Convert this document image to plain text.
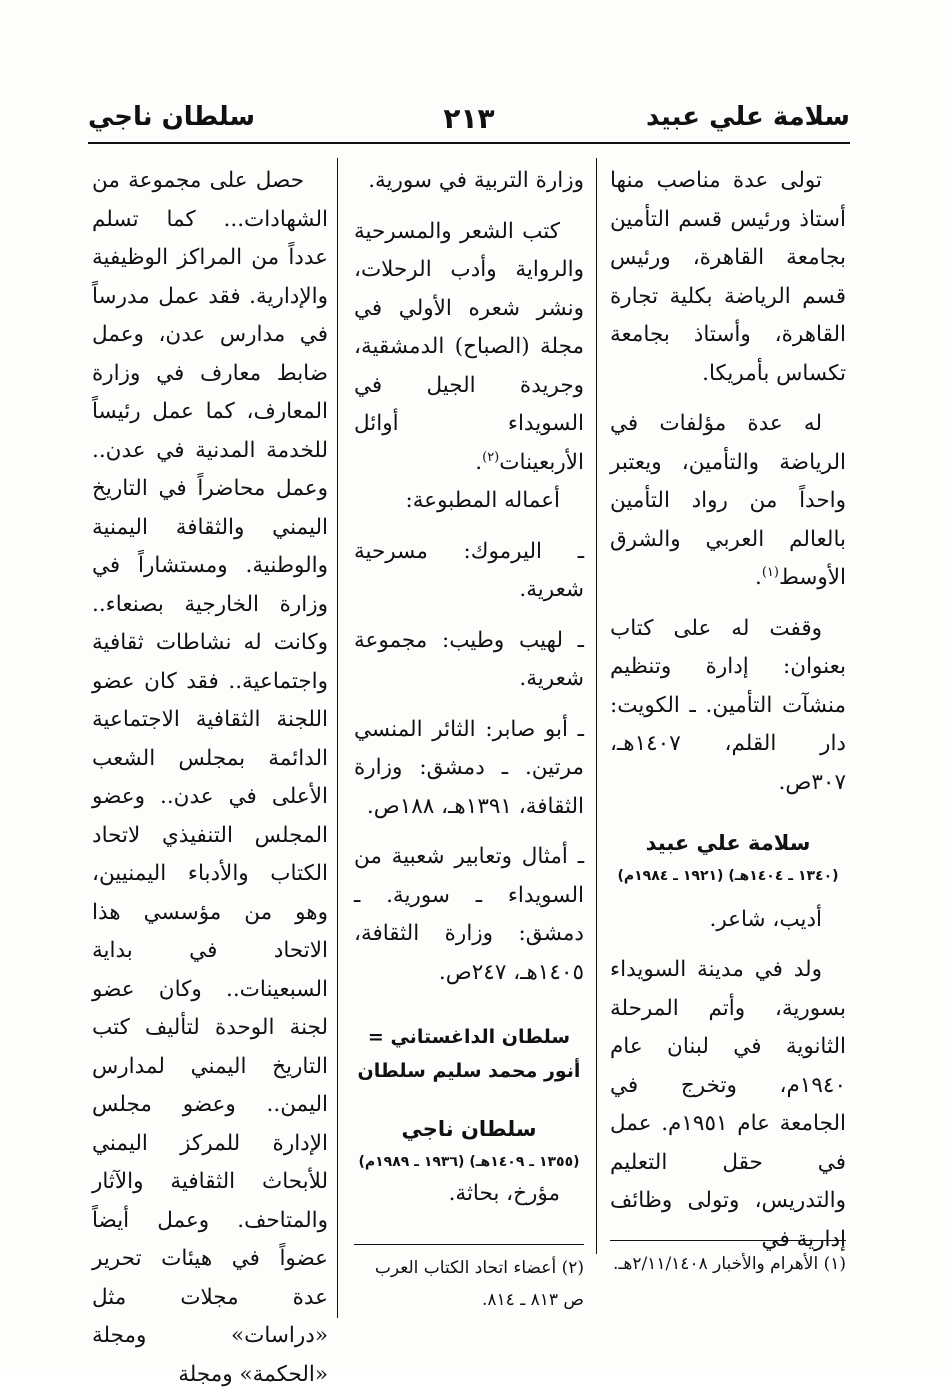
سلامة علي عبيد
٢١٣
سلطان ناجي

تولى عدة مناصب منها أستاذ ورئيس قسم التأمين بجامعة القاهرة، ورئيس قسم الرياضة بكلية تجارة القاهرة، وأستاذ بجامعة تكساس بأمريكا.

له عدة مؤلفات في الرياضة والتأمين، ويعتبر واحداً من رواد التأمين بالعالم العربي والشرق الأوسط$^{(١)}$.

وقفت له على كتاب بعنوان: إدارة وتنظيم منشآت التأمين. ـ الكويت: دار القلم، ١٤٠٧هـ، ٣٠٧ص.

سلامة علي عبيد
(١٣٤٠ ـ ١٤٠٤هـ) (١٩٢١ ـ ١٩٨٤م)

أديب، شاعر.

ولد في مدينة السويداء بسورية، وأتم المرحلة الثانوية في لبنان عام ١٩٤٠م، وتخرج في الجامعة عام ١٩٥١م. عمل في حقل التعليم والتدريس، وتولى وظائف إدارية في

وزارة التربية في سورية.

كتب الشعر والمسرحية والرواية وأدب الرحلات، ونشر شعره الأولي في مجلة (الصباح) الدمشقية، وجريدة الجيل في السويداء أوائل الأربعينات$^{(٢)}$.

أعماله المطبوعة:

ـ اليرموك: مسرحية شعرية.

ـ لهيب وطيب: مجموعة شعرية.

ـ أبو صابر: الثائر المنسي مرتين. ـ دمشق: وزارة الثقافة، ١٣٩١هـ، ١٨٨ص.

ـ أمثال وتعابير شعبية من السويداء ـ سورية. ـ دمشق: وزارة الثقافة، ١٤٠٥هـ، ٢٤٧ص.

سلطان الداغستاني = أنور محمد سليم سلطان
سلطان ناجي
(١٣٥٥ ـ ١٤٠٩هـ) (١٩٣٦ ـ ١٩٨٩م)

مؤرخ، بحاثة.

حصل على مجموعة من الشهادات... كما تسلم عدداً من المراكز الوظيفية والإدارية. فقد عمل مدرساً في مدارس عدن، وعمل ضابط معارف في وزارة المعارف، كما عمل رئيساً للخدمة المدنية في عدن.. وعمل محاضراً في التاريخ اليمني والثقافة اليمنية والوطنية. ومستشاراً في وزارة الخارجية بصنعاء.. وكانت له نشاطات ثقافية واجتماعية.. فقد كان عضو اللجنة الثقافية الاجتماعية الدائمة بمجلس الشعب الأعلى في عدن.. وعضو المجلس التنفيذي لاتحاد الكتاب والأدباء اليمنيين، وهو من مؤسسي هذا الاتحاد في بداية السبعينات.. وكان عضو لجنة الوحدة لتأليف كتب التاريخ اليمني لمدارس اليمن.. وعضو مجلس الإدارة للمركز اليمني للأبحاث الثقافية والآثار والمتاحف. وعمل أيضاً عضواً في هيئات تحرير عدة مجلات مثل «دراسات» ومجلة «الحكمة» ومجلة

(١) الأهرام والأخبار ٢/١١/١٤٠٨هـ.
(٢) أعضاء اتحاد الكتاب العرب ص ٨١٣ ـ ٨١٤.
